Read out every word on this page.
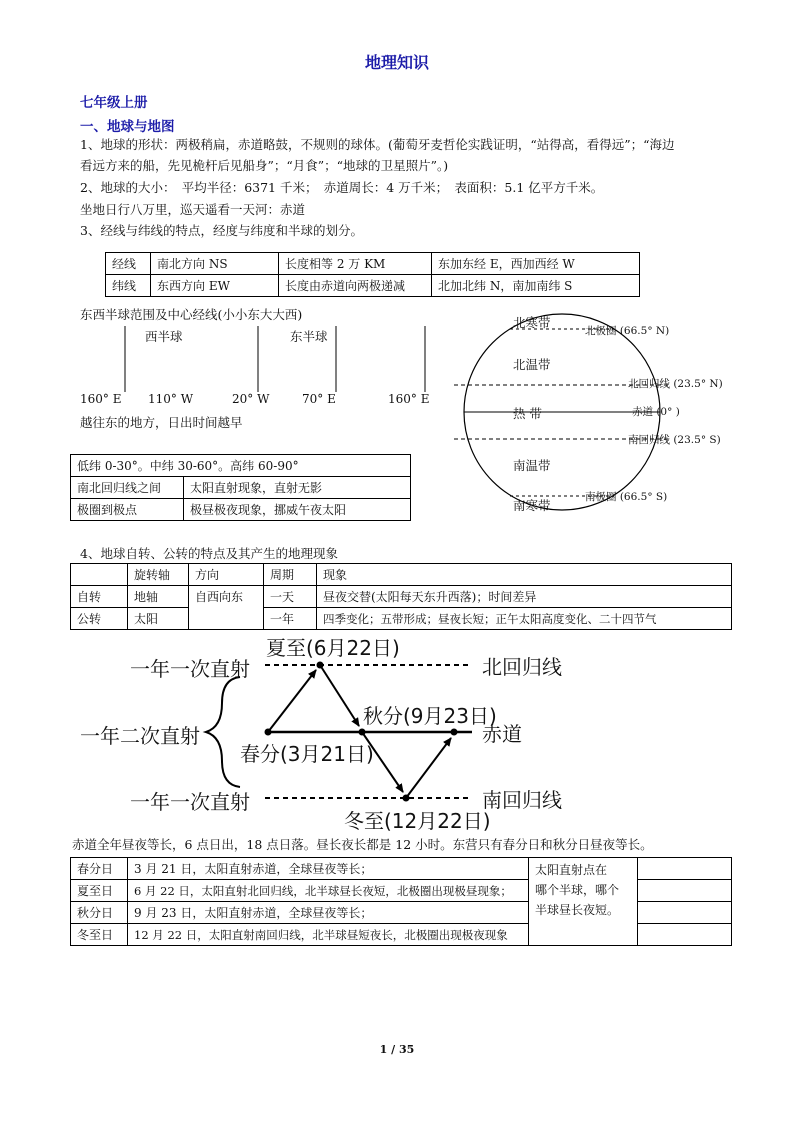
地理知识
七年级上册
一、地球与地图
1、地球的形状：两极稍扁，赤道略鼓，不规则的球体。(葡萄牙麦哲伦实践证明，“站得高，看得远”；“海边
看远方来的船，先见桅杆后见船身”；“月食”；“地球的卫星照片”。)
2、地球的大小：　平均半径：6371 千米；　赤道周长：4 万千米；　表面积：5.1 亿平方千米。
坐地日行八万里，巡天遥看一天河：赤道
3、经线与纬线的特点，经度与纬度和半球的划分。
经线	南北方向 NS	长度相等 2 万 KM	东加东经 E，西加西经 W
纬线	东西方向 EW	长度由赤道向两极递减	北加北纬 N，南加南纬 S
东西半球范围及中心经线(小小东大大西)
西半球	东半球
160° E 110° W	20° W	70° E	160° E
越往东的地方，日出时间越早
低纬 0-30°。中纬 30-60°。高纬 60-90°	
南北回归线之间	太阳直射现象，直射无影
极圈到极点	极昼极夜现象，挪威午夜太阳
北寒带
北温带
热 带
南温带
南寒带
北极圈 (66.5° N)
北回归线 (23.5° N)
赤道 (0° )
南回归线 (23.5° S)
南极圈 (66.5° S)
4、地球自转、公转的特点及其产生的地理现象
	旋转轴	方向	周期	现象
自转	地轴	自西向东	一天	昼夜交替(太阳每天东升西落)；时间差异
公转	太阳		一年	四季变化；五带形成；昼夜长短；正午太阳高度变化、二十四节气
夏至(6月22日)
秋分(9月23日)
春分(3月21日)
冬至(12月22日)
一年一次直射
一年二次直射
一年一次直射
北回归线
赤道
南回归线
赤道全年昼夜等长，6 点日出，18 点日落。昼长夜长都是 12 小时。东营只有春分日和秋分日昼夜等长。
春分日	3 月 21 日，太阳直射赤道，全球昼夜等长；	太阳直射点在
哪个半球，哪个
半球昼长夜短。	

夏至日	6 月 22 日，太阳直射北回归线，北半球昼长夜短，北极圈出现极昼现象；		
秋分日	9 月 23 日，太阳直射赤道，全球昼夜等长；		
冬至日	12 月 22 日，太阳直射南回归线，北半球昼短夜长，北极圈出现极夜现象		
1 / 35
